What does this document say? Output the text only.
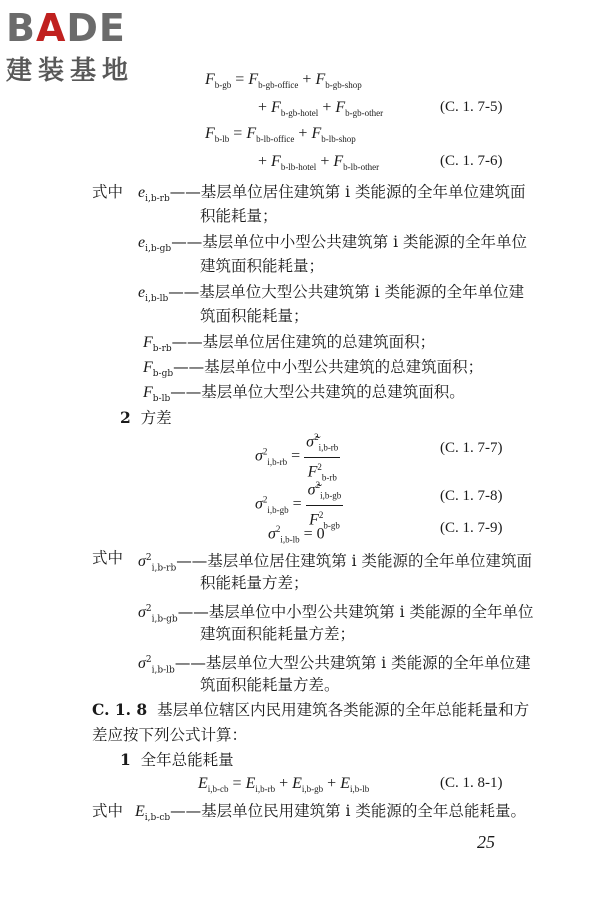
BADE
建装基地	$F_{b-gb} = F_{b-gb-office} + F_{b-gb-shop}$
+ $F_{b-gb-hotel} + F_{b-gb-other}$	(C. 1. 7-5)
$F_{b-lb} = F_{b-lb-office} + F_{b-lb-shop}$
+ $F_{b-lb-hotel} + F_{b-lb-other}$	(C. 1. 7-6)
式中 $e_{i,b-rb}——$基层单位居住建筑第 i 类能源的全年单位建筑面
积能耗量；
$e_{i,b-gb}——$基层单位中小型公共建筑第 i 类能源的全年单位
建筑面积能耗量；
$e_{i,b-lb}——$基层单位大型公共建筑第 i 类能源的全年单位建
筑面积能耗量；
$F_{b-rb}——$基层单位居住建筑的总建筑面积；
$F_{b-gb}——$基层单位中小型公共建筑的总建筑面积；
$F_{b-lb}——$基层单位大型公共建筑的总建筑面积。
2 方差
$\sigma^2_{i,b-rb} = \frac{\sigmã^2_{i,b-rb}}{F^2_{b-rb}}$	(C. 1. 7-7)
$\sigma^2_{i,b-gb} = \frac{\sigmã^2_{i,b-gb}}{F^2_{b-gb}}$	(C. 1. 7-8)
$\sigma^2_{i,b-lb} = 0$	(C. 1. 7-9)
式中 $\sigma^2_{i,b-rb}——$基层单位居住建筑第 i 类能源的全年单位建筑面
积能耗量方差；
$\sigma^2_{i,b-gb}——$基层单位中小型公共建筑第 i 类能源的全年单位
建筑面积能耗量方差；
$\sigma^2_{i,b-lb}——$基层单位大型公共建筑第 i 类能源的全年单位建
筑面积能耗量方差。
C. 1. 8 基层单位辖区内民用建筑各类能源的全年总能耗量和方
差应按下列公式计算：
1 全年总能耗量
$E_{i,b-cb} = E_{i,b-rb} + E_{i,b-gb} + E_{i,b-lb}$	(C. 1. 8-1)
式中 $E_{i,b-cb}——$基层单位民用建筑第 i 类能源的全年总能耗量。
25
